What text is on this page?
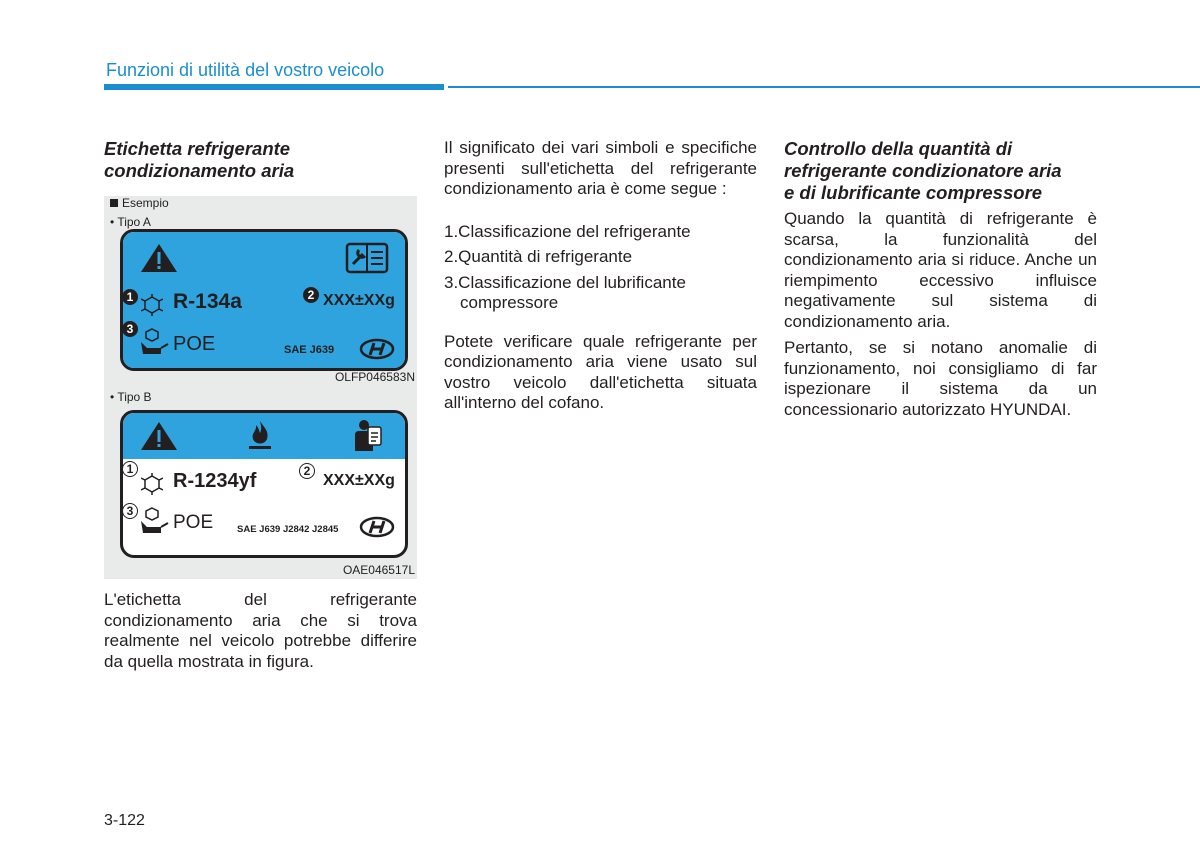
Funzioni di utilità del vostro veicolo

Etichetta refrigerante
condizionamento aria

Esempio
• Tipo A
1 R-134a	2 XXX±XXg
3
POE	SAE J639
OLFP046583N
• Tipo B
1
R-1234yf	2
XXX±XXg
3
POE	SAE J639 J2842 J2845
OAE046517L

L'etichetta del refrigerante condizionamento aria che si trova realmente nel veicolo potrebbe differire da quella mostrata in figura.

Il significato dei vari simboli e specifiche presenti sull'etichetta del refrigerante condizionamento aria è come segue :

1.Classificazione del refrigerante
2.Quantità di refrigerante
3.Classificazione del lubrificante
compressore

Potete verificare quale refrigerante per condizionamento aria viene usato sul vostro veicolo dall'etichetta situata all'interno del cofano.

Controllo della quantità di
refrigerante condizionatore aria
e di lubrificante compressore

Quando la quantità di refrigerante è scarsa, la funzionalità del condizionamento aria si riduce. Anche un riempimento eccessivo influisce negativamente sul sistema di condizionamento aria.

Pertanto, se si notano anomalie di funzionamento, noi consigliamo di far ispezionare il sistema da un concessionario autorizzato HYUNDAI.

3-122
